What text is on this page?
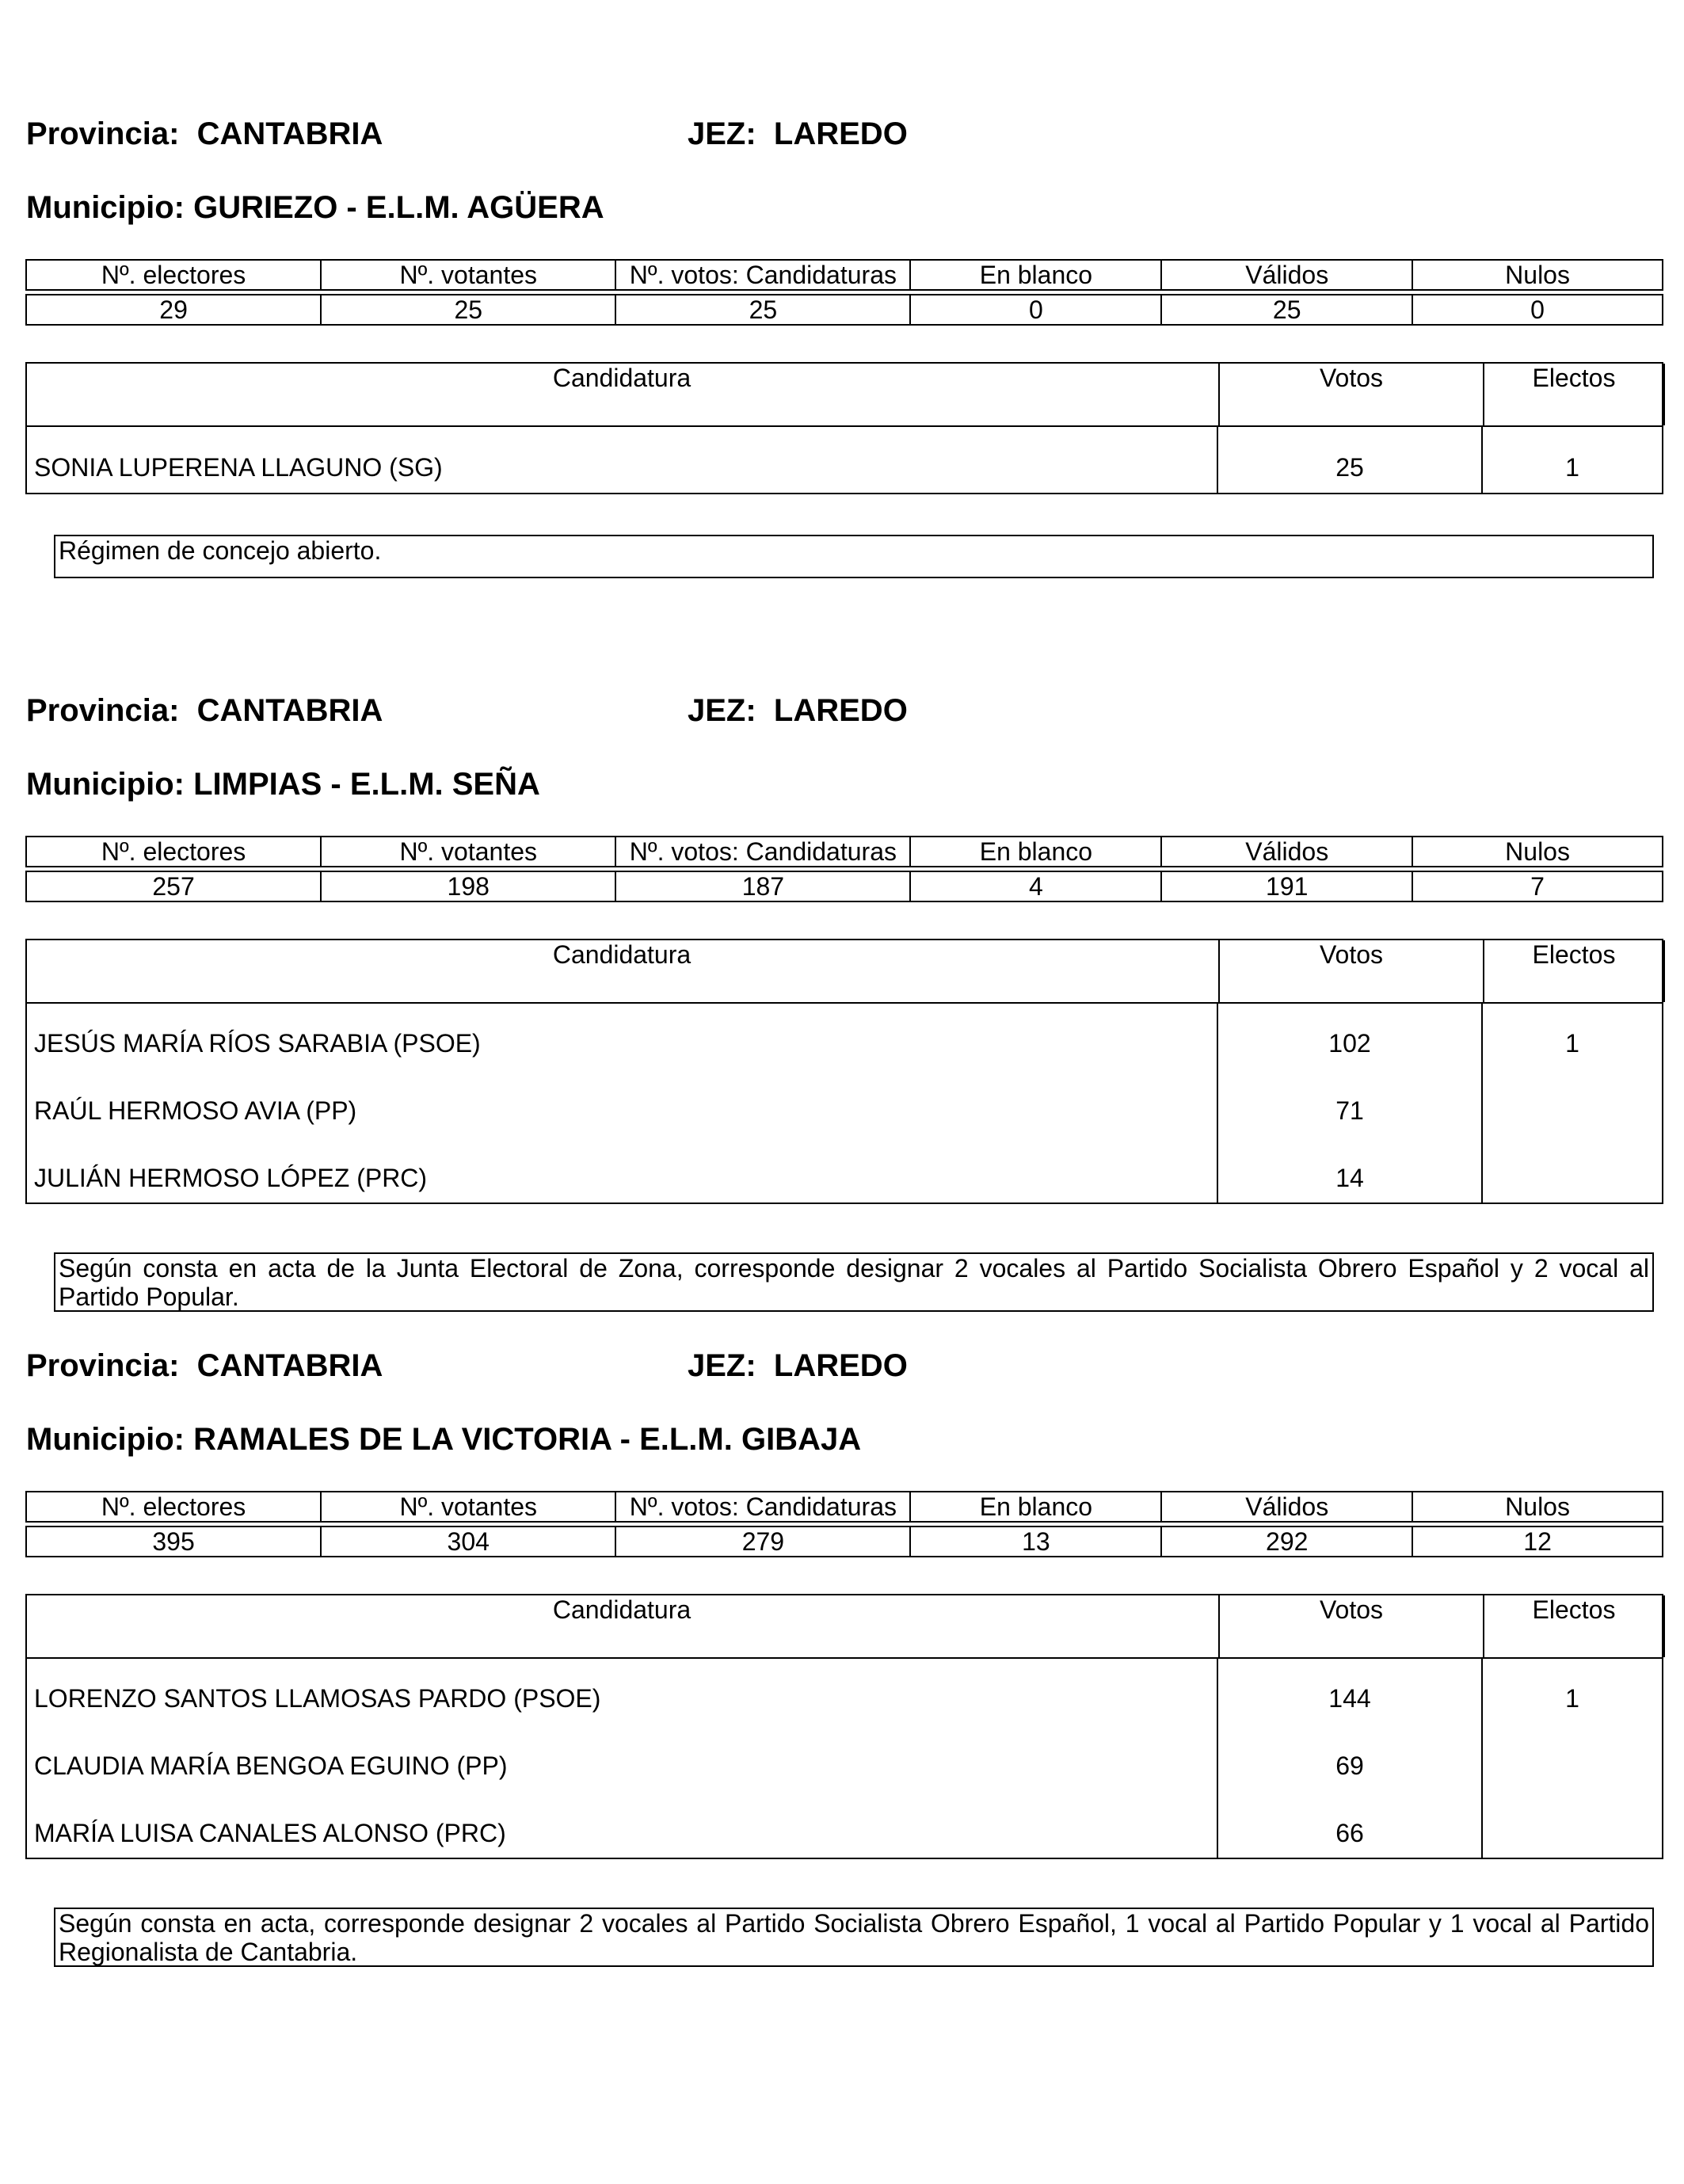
Provincia: CANTABRIA	JEZ: LAREDO
Municipio: GURIEZO - E.L.M. AGÜERA
Nº. electores	Nº. votantes	Nº. votos: Candidaturas	En blanco	Válidos	Nulos

29	25	25	0	25	0
Candidatura	Votos	Electos
SONIA LUPERENA LLAGUNO (SG)	25	1
Régimen de concejo abierto.
Provincia: CANTABRIA	JEZ: LAREDO
Municipio: LIMPIAS - E.L.M. SEÑA
Nº. electores	Nº. votantes	Nº. votos: Candidaturas	En blanco	Válidos	Nulos

257	198	187	4	191	7
Candidatura	Votos	Electos
JESÚS MARÍA RÍOS SARABIA (PSOE)	102	1
RAÚL HERMOSO AVIA (PP)	71
JULIÁN HERMOSO LÓPEZ (PRC)	14
Según consta en acta de la Junta Electoral de Zona, corresponde designar 2 vocales al Partido Socialista Obrero Español y 2 vocal al Partido Popular.
Provincia: CANTABRIA	JEZ: LAREDO
Municipio: RAMALES DE LA VICTORIA - E.L.M. GIBAJA
Nº. electores	Nº. votantes	Nº. votos: Candidaturas	En blanco	Válidos	Nulos

395	304	279	13	292	12
Candidatura	Votos	Electos
LORENZO SANTOS LLAMOSAS PARDO (PSOE)	144	1
CLAUDIA MARÍA BENGOA EGUINO (PP)	69
MARÍA LUISA CANALES ALONSO (PRC)	66
Según consta en acta, corresponde designar 2 vocales al Partido Socialista Obrero Español, 1 vocal al Partido Popular y 1 vocal al Partido Regionalista de Cantabria.
